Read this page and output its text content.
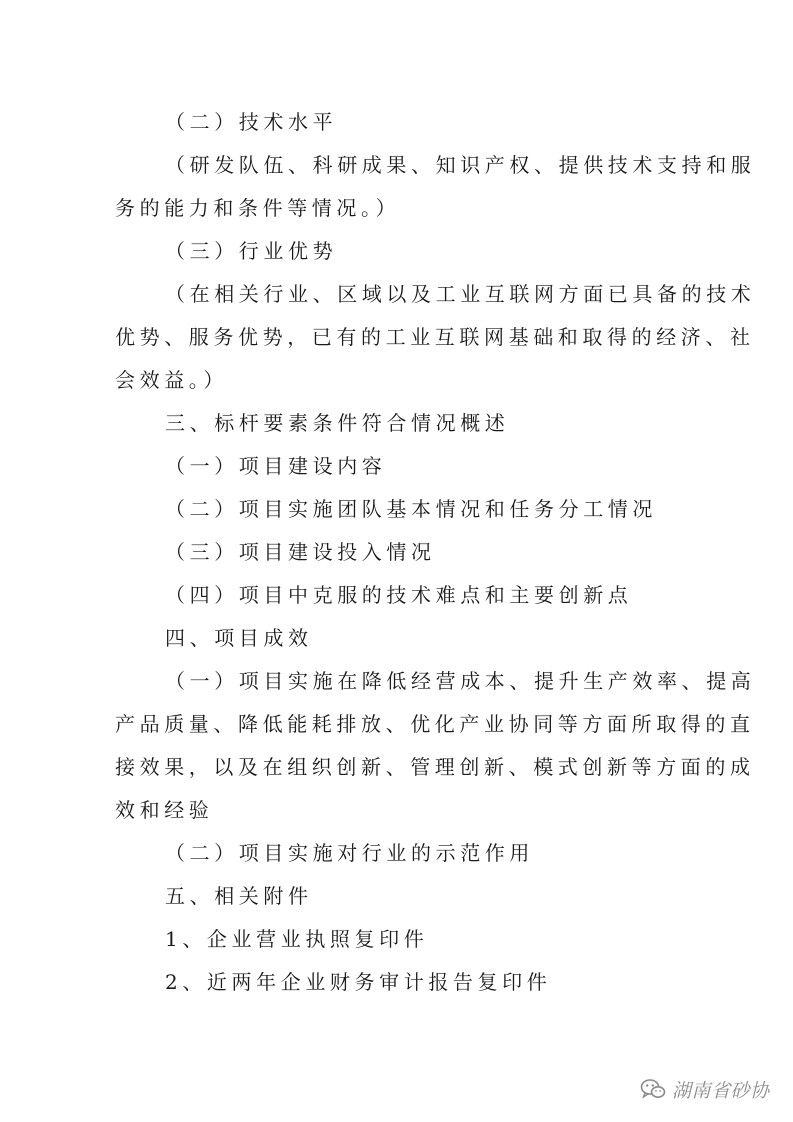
（二）技术水平
（研发队伍、科研成果、知识产权、提供技术支持和服
务的能力和条件等情况。）
（三）行业优势
（在相关行业、区域以及工业互联网方面已具备的技术
优势、服务优势，已有的工业互联网基础和取得的经济、社
会效益。）
三、标杆要素条件符合情况概述
（一）项目建设内容
（二）项目实施团队基本情况和任务分工情况
（三）项目建设投入情况
（四）项目中克服的技术难点和主要创新点
四、项目成效
（一）项目实施在降低经营成本、提升生产效率、提高
产品质量、降低能耗排放、优化产业协同等方面所取得的直
接效果，以及在组织创新、管理创新、模式创新等方面的成
效和经验
（二）项目实施对行业的示范作用
五、相关附件
1、企业营业执照复印件
2、近两年企业财务审计报告复印件
湖南省砂协
